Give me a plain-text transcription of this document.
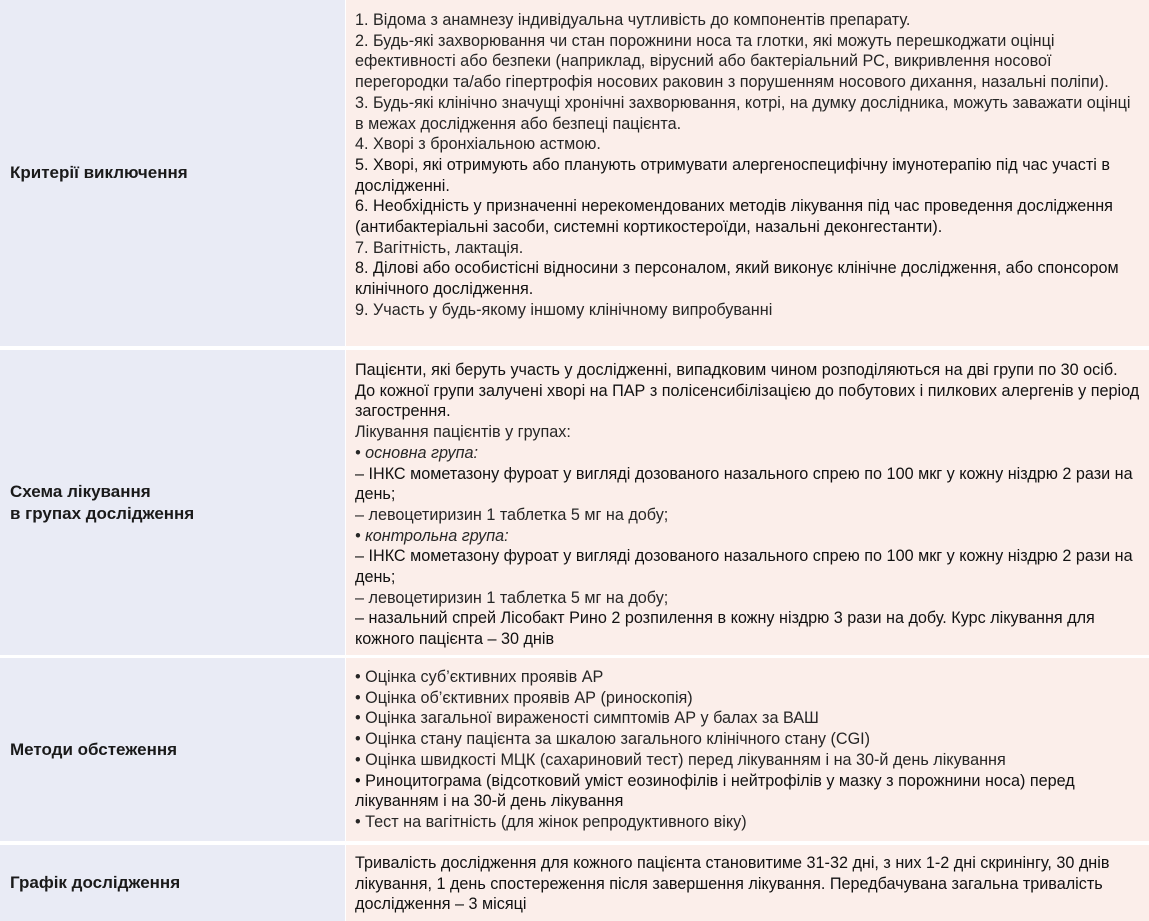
Критерії виключення
1. Відома з анамнезу індивідуальна чутливість до компонентів препарату.
2. Будь-які захворювання чи стан порожнини носа та глотки, які можуть перешкоджати оцінці ефективності або безпеки (наприклад, вірусний або бактеріальний РС, викривлення носової перегородки та/або гіпертрофія носових раковин з порушенням носового дихання, назальні поліпи).
3. Будь-які клінічно значущі хронічні захворювання, котрі, на думку дослідника, можуть заважати оцінці в межах дослідження або безпеці пацієнта.
4. Хворі з бронхіальною астмою.
5. Хворі, які отримують або планують отримувати алергеноспецифічну імунотерапію під час участі в дослідженні.
6. Необхідність у призначенні нерекомендованих методів лікування під час проведення дослідження (антибактеріальні засоби, системні кортикостероїди, назальні деконгестанти).
7. Вагітність, лактація.
8. Ділові або особистісні відносини з персоналом, який виконує клінічне дослідження, або спонсором клінічного дослідження.
9. Участь у будь-якому іншому клінічному випробуванні
Схема лікування
в групах дослідження
Пацієнти, які беруть участь у дослідженні, випадковим чином розподіляються на дві групи по 30 осіб. До кожної групи залучені хворі на ПАР з полісенсибілізацією до побутових і пилкових алергенів у період загострення.
Лікування пацієнтів у групах:
• основна група:
– ІНКС мометазону фуроат у вигляді дозованого назального спрею по 100 мкг у кожну ніздрю 2 рази на день;
– левоцетиризин 1 таблетка 5 мг на добу;
• контрольна група:
– ІНКС мометазону фуроат у вигляді дозованого назального спрею по 100 мкг у кожну ніздрю 2 рази на день;
– левоцетиризин 1 таблетка 5 мг на добу;
– назальний спрей Лісобакт Рино 2 розпилення в кожну ніздрю 3 рази на добу. Курс лікування для кожного пацієнта – 30 днів
Методи обстеження
• Оцінка суб’єктивних проявів АР
• Оцінка об’єктивних проявів АР (риноскопія)
• Оцінка загальної вираженості симптомів АР у балах за ВАШ
• Оцінка стану пацієнта за шкалою загального клінічного стану (CGI)
• Оцінка швидкості МЦК (сахариновий тест) перед лікуванням і на 30-й день лікування
• Риноцитограма (відсотковий уміст еозинофілів і нейтрофілів у мазку з порожнини носа) перед лікуванням і на 30-й день лікування
• Тест на вагітність (для жінок репродуктивного віку)
Графік дослідження
Тривалість дослідження для кожного пацієнта становитиме 31-32 дні, з них 1-2 дні скринінгу, 30 днів лікування, 1 день спостереження після завершення лікування. Передбачувана загальна тривалість дослідження – 3 місяці
